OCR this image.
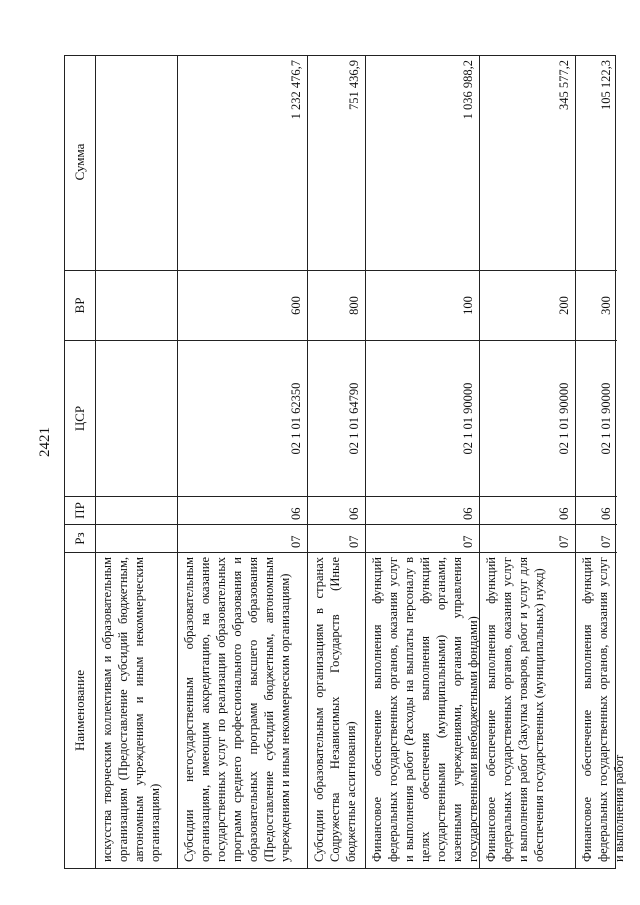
2421
Наименование
Рз
ПР
ЦСР
ВР
Сумма
искусства творческим коллективам и образовательным организациям (Предоставление субсидий бюджетным, автономным учреждениям и иным некоммерческим организациям)	Субсидии негосударственным образовательным организациям, имеющим аккредитацию, на оказание государственных услуг по реализации образовательных программ среднего профессионального образования и образовательных программ высшего образования (Предоставление субсидий бюджетным, автономным учреждениям и иным некоммерческим организациям)
07
06
02 1 01 62350
600
1 232 476,7
Субсидии образовательным организациям в странах Содружества Независимых Государств (Иные бюджетные ассигнования)
07
06
02 1 01 64790
800
751 436,9
Финансовое обеспечение выполнения функций федеральных государственных органов, оказания услуг и выполнения работ (Расходы на выплаты персоналу в целях обеспечения выполнения функций государственными (муниципальными) органами, казенными учреждениями, органами управления государственными внебюджетными фондами)
07
06
02 1 01 90000
100
1 036 988,2
Финансовое обеспечение выполнения функций федеральных государственных органов, оказания услуг и выполнения работ (Закупка товаров, работ и услуг для обеспечения государственных (муниципальных) нужд)
07
06
02 1 01 90000
200
345 577,2
Финансовое обеспечение выполнения функций федеральных государственных органов, оказания услуг и выполнения работ
07
06
02 1 01 90000
300
105 122,3
